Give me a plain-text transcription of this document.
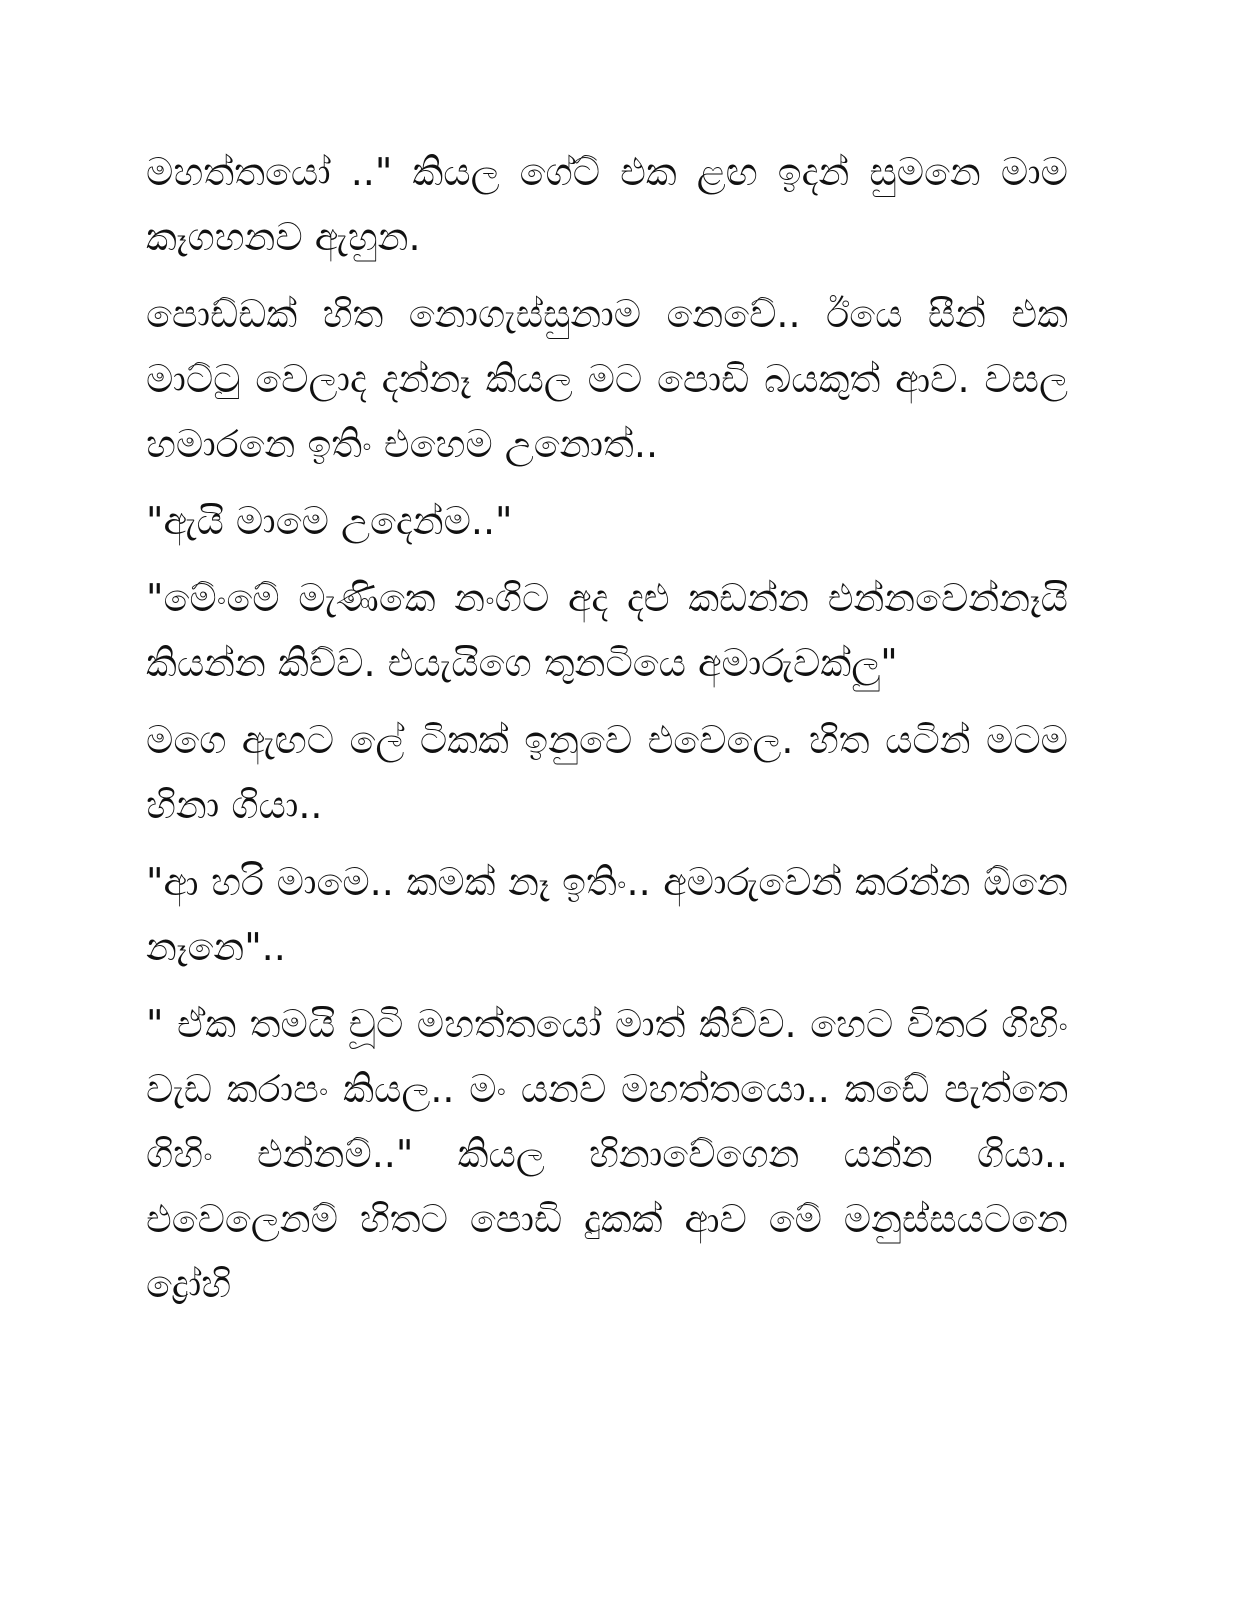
මහත්තයෝ .." කියල ගේට් එක ළඟ ඉදන් සුමනෙ මාම කෑගහනව ඇහුන.

පොඩ්ඩක් හිත නොගැස්සුනාම නෙවේ.. ඊයෙ සීන් එක මාට්ටු වෙලාද දන්නෑ කියල මට පොඩි බයකුත් ආව. වසල හමාරනෙ ඉතිං එහෙම උනොත්..

"ඇයි මාමෙ උදෙන්ම.."

"මේංමේ මැණිකෙ නංගිට අද දළු කඩන්න එන්නවෙන්නෑයි කියන්න කිව්ව. එයැයිගෙ තුනටියෙ අමාරුවක්ලු"

මගෙ ඇඟට ලේ ටිකක් ඉනුවෙ එවෙලෙ. හිත යටින් මටම හිනා ගියා..

"ආ හරි මාමෙ.. කමක් නෑ ඉතිං.. අමාරුවෙන් කරන්න ඕනෙ නෑනෙ"..

" ඒක තමයි චූටි මහත්තයෝ මාත් කිව්ව. හෙට විතර ගිහිං වැඩ කරාපං කියල.. මං යනව මහත්තයො.. කඩේ පැත්තෙ ගිහිං එන්නම්.." කියල හිනාවේගෙන යන්න ගියා.. එවෙලෙනම් හිතට පොඩි දුකක් ආව මේ මනුස්සයටනෙ ද්‍රෝහි
